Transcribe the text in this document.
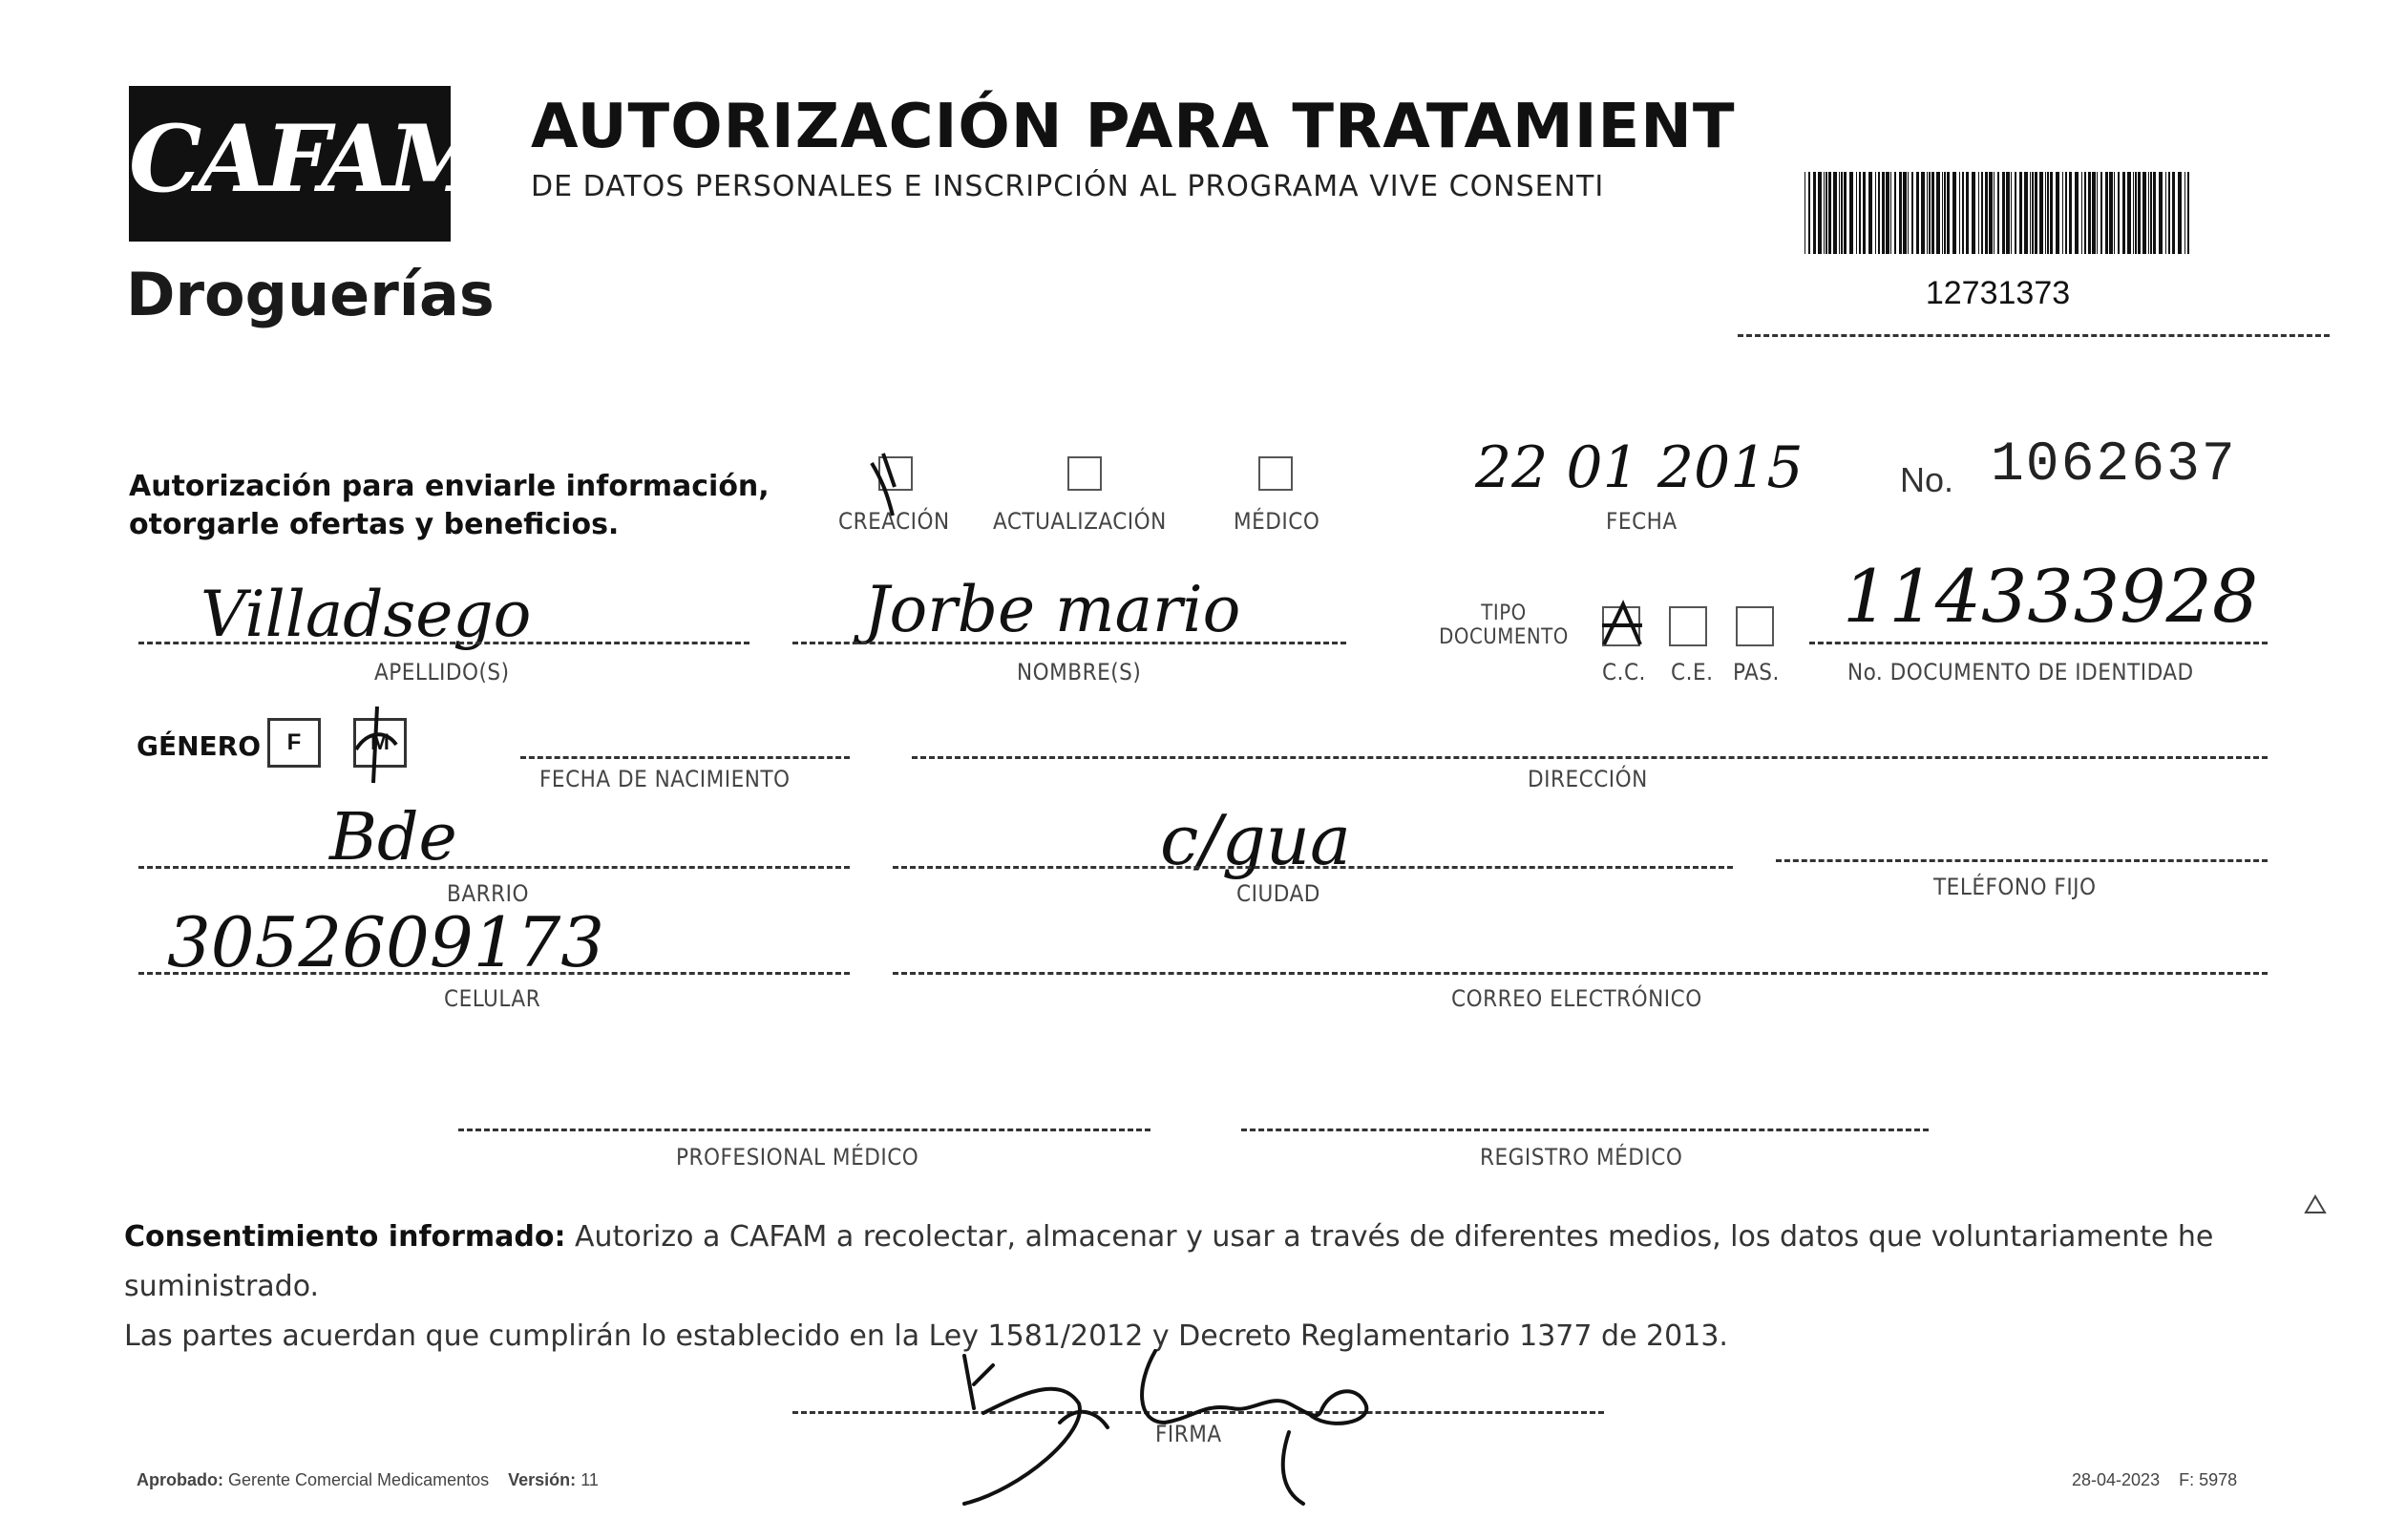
CAFAM
Droguerías
AUTORIZACIÓN PARA TRATAMIENT
DE DATOS PERSONALES E INSCRIPCIÓN AL PROGRAMA VIVE CONSENTI
12731373
Autorización para enviarle información,
otorgarle ofertas y beneficios.	CREACIÓN ACTUALIZACIÓN	MÉDICO
22 01 2015
FECHA
No. 1062637
Villadsego
APELLIDO(S)
Jorbe mario
NOMBRE(S)
TIPO DOCUMENTO
C.C. C.E. PAS.
114333928
No. DOCUMENTO DE IDENTIDAD
GÉNERO	F	M
FECHA DE NACIMIENTO	DIRECCIÓN
Bde
BARRIO
c/gua
CIUDAD	TELÉFONO FIJO
3052609173
CELULAR	CORREO ELECTRÓNICO
PROFESIONAL MÉDICO	REGISTRO MÉDICO
Consentimiento informado: Autorizo a CAFAM a recolectar, almacenar y usar a través de diferentes medios, los datos que voluntariamente he suministrado.
Las partes acuerdan que cumplirán lo establecido en la Ley 1581/2012 y Decreto Reglamentario 1377 de 2013.
FIRMA
Aprobado: Gerente Comercial Medicamentos Versión: 11	28-04-2023 F: 5978
